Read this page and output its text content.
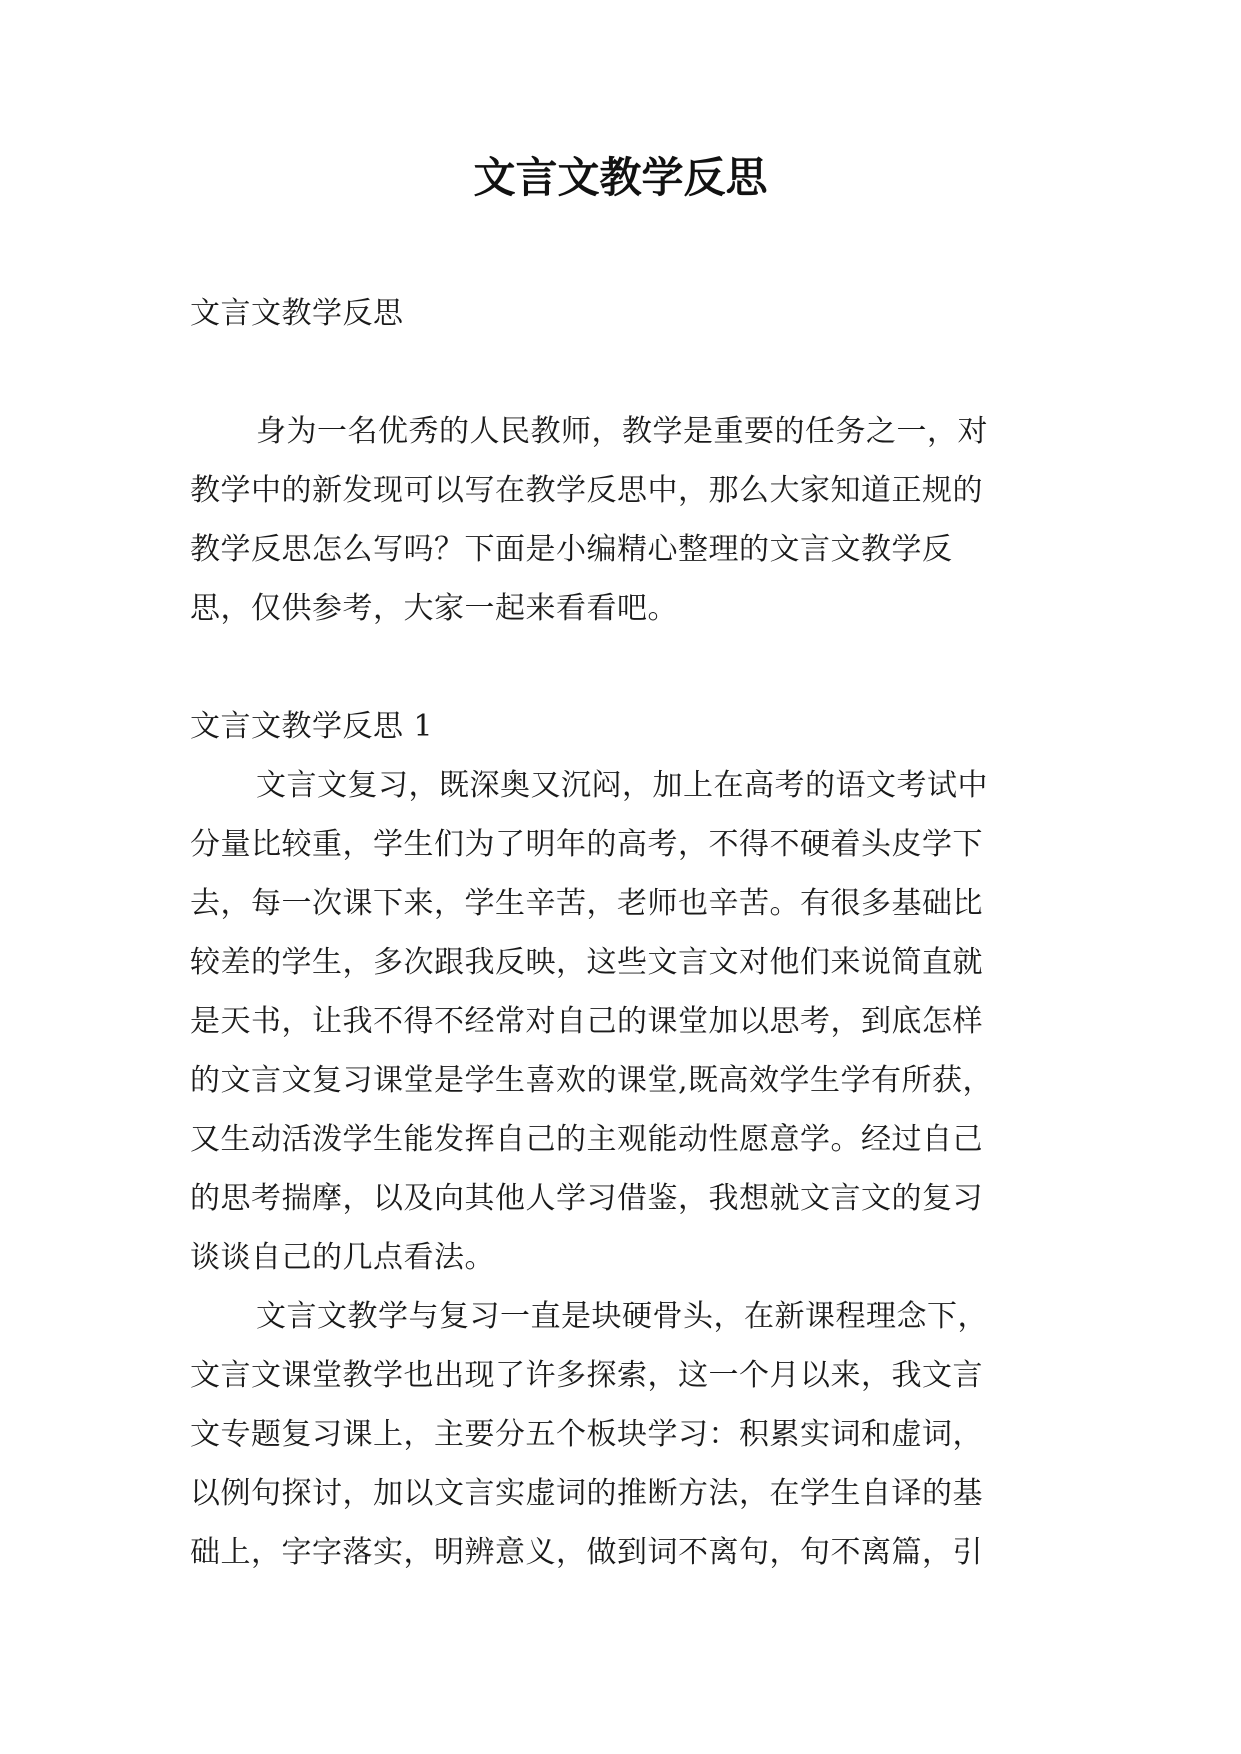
文言文教学反思
文言文教学反思
身为一名优秀的人民教师，教学是重要的任务之一，对
教学中的新发现可以写在教学反思中，那么大家知道正规的
教学反思怎么写吗？下面是小编精心整理的文言文教学反
思，仅供参考，大家一起来看看吧。
文言文教学反思 1
文言文复习，既深奥又沉闷，加上在高考的语文考试中
分量比较重，学生们为了明年的高考，不得不硬着头皮学下
去，每一次课下来，学生辛苦，老师也辛苦。有很多基础比
较差的学生，多次跟我反映，这些文言文对他们来说简直就
是天书，让我不得不经常对自己的课堂加以思考，到底怎样
的文言文复习课堂是学生喜欢的课堂,既高效学生学有所获，
又生动活泼学生能发挥自己的主观能动性愿意学。经过自己
的思考揣摩，以及向其他人学习借鉴，我想就文言文的复习
谈谈自己的几点看法。
文言文教学与复习一直是块硬骨头，在新课程理念下，
文言文课堂教学也出现了许多探索，这一个月以来，我文言
文专题复习课上，主要分五个板块学习：积累实词和虚词，
以例句探讨，加以文言实虚词的推断方法，在学生自译的基
础上，字字落实，明辨意义，做到词不离句，句不离篇，引
